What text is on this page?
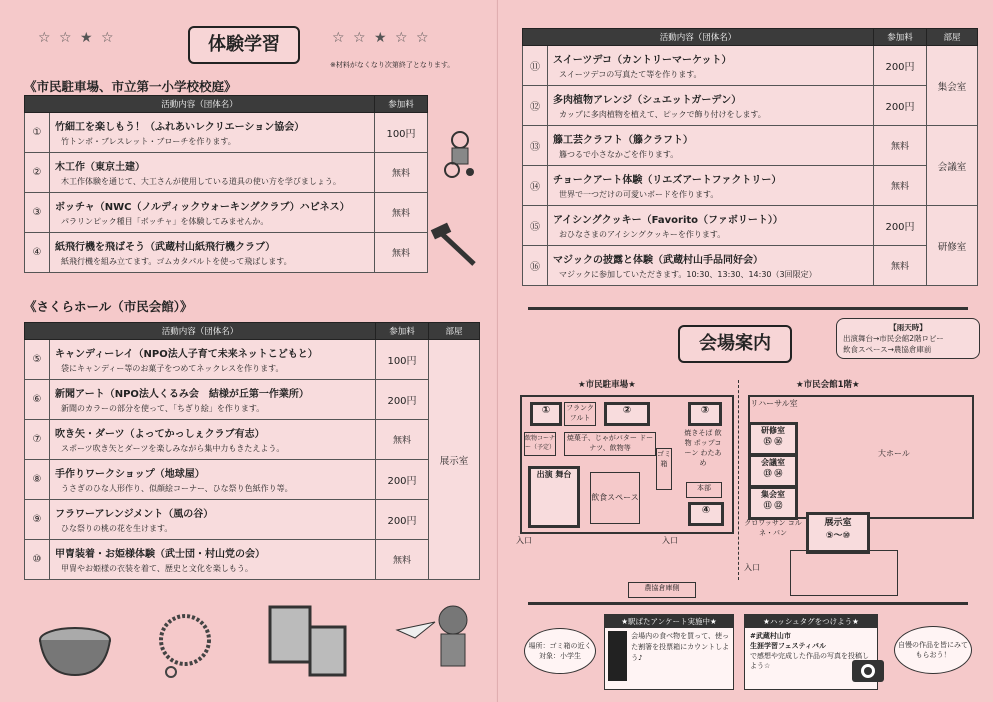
☆ ☆ ★ ☆	体験学習	☆ ☆ ★ ☆ ☆
※材料がなくなり次第終了となります。
《市民駐車場、市立第一小学校校庭》
活動内容（団体名）		参加料
①	竹細工を楽しもう！（ふれあいレクリエーション協会）
竹トンボ・ブレスレット・ブローチを作ります。	100円
②	木工作（東京土建）
木工作体験を通じて、大工さんが使用している道具の使い方を学びましょう。	無料
③	ボッチャ（NWC（ノルディックウォーキングクラブ）ハピネス）
パラリンピック種目「ボッチャ」を体験してみませんか。	無料
④	紙飛行機を飛ばそう（武蔵村山紙飛行機クラブ）
紙飛行機を組み立てます。ゴムカタパルトを使って飛ばします。	無料
《さくらホール（市民会館）》
活動内容（団体名）		参加料	部屋
⑤	キャンディーレイ（NPO法人子育て未来ネットこどもと）
袋にキャンディー等のお菓子をつめてネックレスを作ります。	100円	展示室
⑥	新聞アート（NPO法人くるみ会　結様が丘第一作業所）
新聞のカラーの部分を使って、「ちぎり絵」を作ります。	200円	
⑦	吹き矢・ダーツ（よってかっしぇクラブ有志）
スポーツ吹き矢とダーツを楽しみながら集中力もきたえよう。	無料	
⑧	手作りワークショップ（地球屋）
うさぎのひな人形作り、似顔絵コーナー、ひな祭り色紙作り等。	200円	
⑨	フラワーアレンジメント（風の谷）
ひな祭りの桃の花を生けます。	200円	
⑩	甲冑装着・お姫様体験（武士団・村山党の会）
甲冑やお姫様の衣装を着て、歴史と文化を楽しもう。	無料	
活動内容（団体名）		参加料	部屋
⑪	スイーツデコ（カントリーマーケット）
スイーツデコの写真たて等を作ります。	200円	集会室
⑫	多肉植物アレンジ（シュエットガーデン）
カップに多肉植物を植えて、ピックで飾り付けをします。	200円	
⑬	籐工芸クラフト（籐クラフト）
籐つるで小さなかごを作ります。	無料	会議室
⑭	チョークアート体験（リエズアートファクトリー）
世界で一つだけの可愛いボードを作ります。	無料	
⑮	アイシングクッキー（Favorito（ファボリート））
おひなさまのアイシングクッキーを作ります。	200円	研修室
⑯	マジックの披露と体験（武蔵村山手品同好会）
マジックに参加していただきます。10:30、13:30、14:30（3回限定）	無料	
会場案内
【雨天時】
出演舞台→市民会館2階ロビー
飲食スペース→農協倉庫前
★市民駐車場★	★市民会館1階★
①	フランク フルト
②	③
飲物コーナー（予定）
焼菓子、じゃがバター ドーナツ、飲物等
ゴミ箱
焼きそば 飲物 ポップコーン わたあめ
出演 舞台
飲食スペース
本部
④
入口	入口
農協倉庫側
リハーサル室
研修室
⑮ ⑯
会議室
⑬ ⑭
集会室
⑪ ⑫
大ホール
展示室
⑤〜⑩
クロワッサン コルネ・パン
入口
場所：ゴミ箱の近く 対象：小学生
★駅ばたアンケート実施中★
会場内の食べ物を買って、使った割箸を投票箱にカウントしよう♪
★ハッシュタグをつけよう★
#武蔵村山市
生涯学習フェスティバル
で感想や完成した作品の写真を投稿しよう☆
自慢の作品を皆にみてもらおう！
